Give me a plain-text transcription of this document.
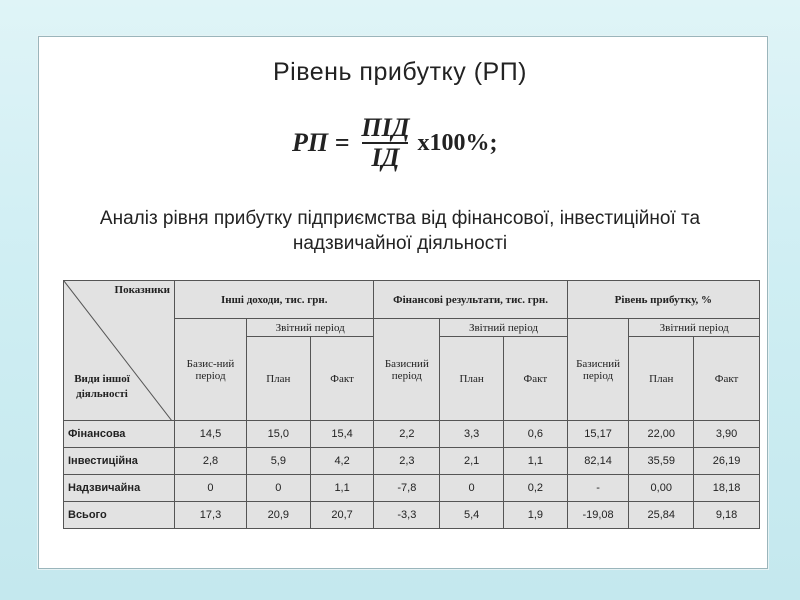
Рівень прибутку (РП)
РП = $\frac{\text{ПІД}}{ІД} х100\%$;
Аналіз рівня прибутку підприємства від фінансової, інвестиційної та надзвичайної діяльності
Показники
Види іншої діяльності	Інші доходи, тис. грн.			Фінансові результати, тис. грн.			Рівень прибутку, %		
	Базис-ний період	Звітний період		Базисний період	Звітний період		Базисний період	Звітний період	
		План	Факт		План	Факт		План	Факт
Фінансова	14,5	15,0	15,4	2,2	3,3	0,6	15,17	22,00	3,90
Інвестиційна	2,8	5,9	4,2	2,3	2,1	1,1	82,14	35,59	26,19
Надзвичайна	0	0	1,1	-7,8	0	0,2	-	0,00	18,18
Всього	17,3	20,9	20,7	-3,3	5,4	1,9	-19,08	25,84	9,18
